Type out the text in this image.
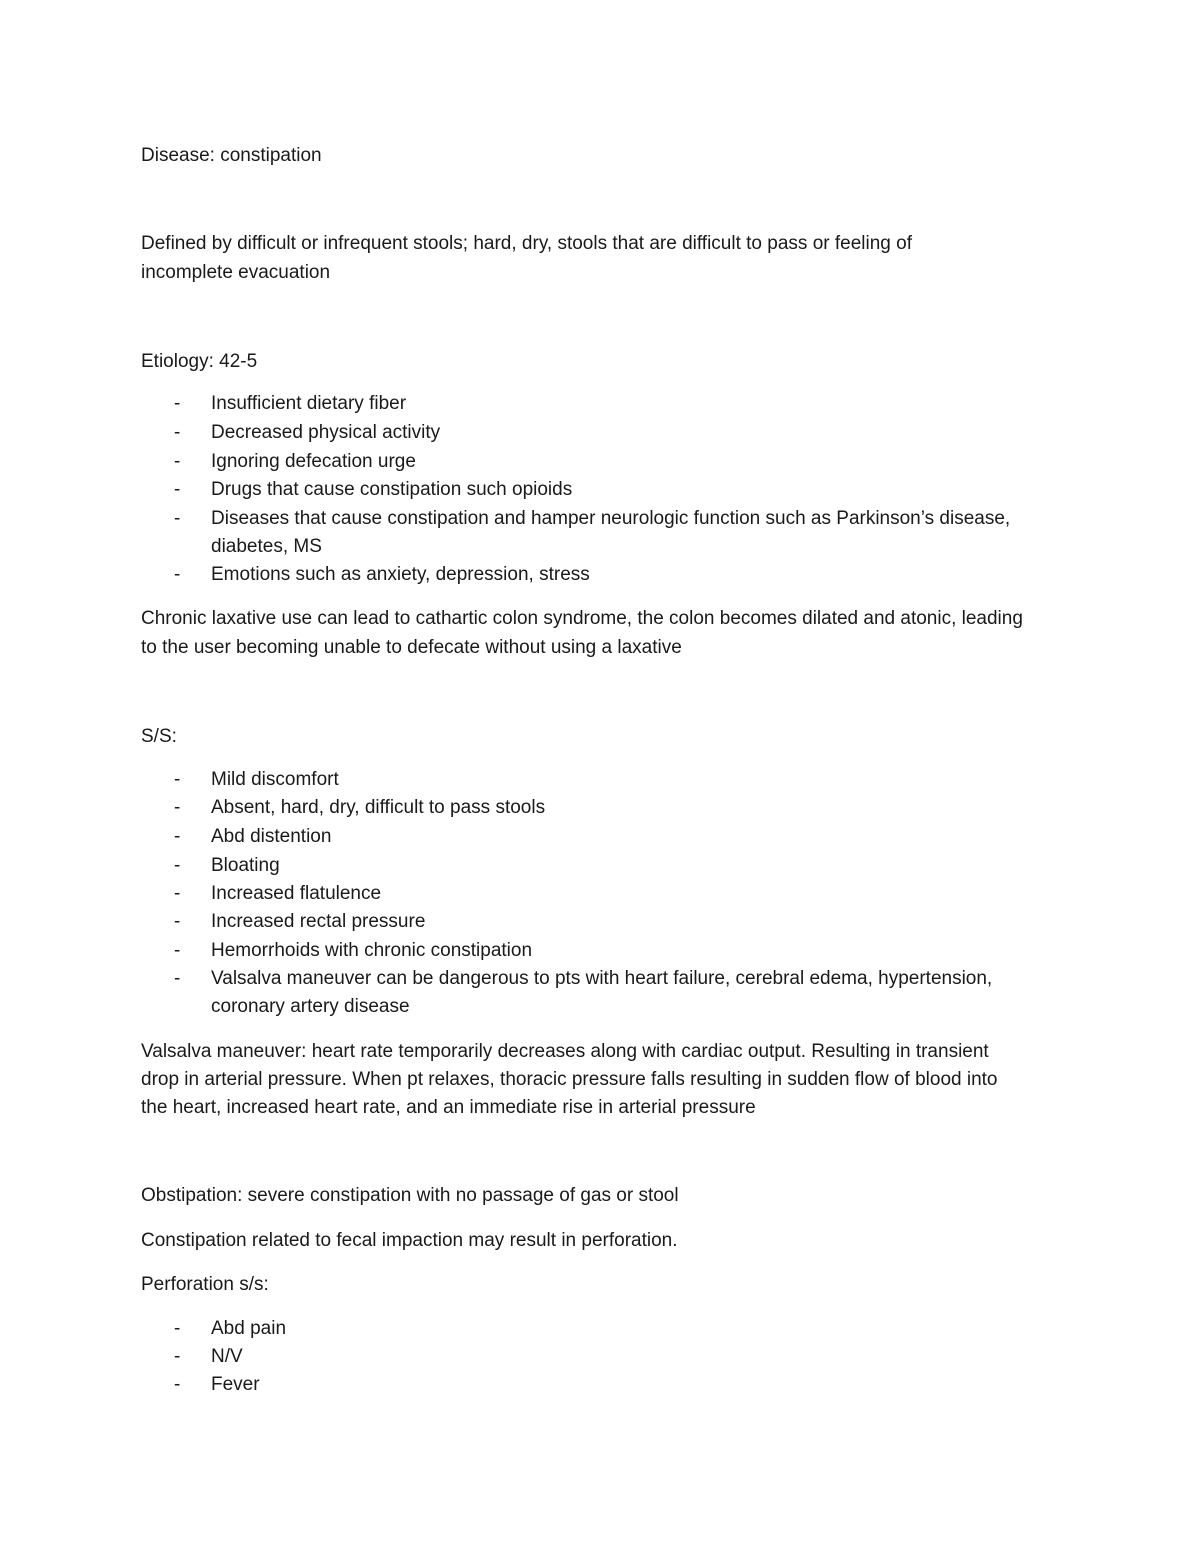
Disease: constipation
Defined by difficult or infrequent stools; hard, dry, stools that are difficult to pass or feeling of
incomplete evacuation
Etiology: 42-5
- Insufficient dietary fiber
- Decreased physical activity
- Ignoring defecation urge
- Drugs that cause constipation such opioids
- Diseases that cause constipation and hamper neurologic function such as Parkinson’s disease,
diabetes, MS
- Emotions such as anxiety, depression, stress
Chronic laxative use can lead to cathartic colon syndrome, the colon becomes dilated and atonic, leading
to the user becoming unable to defecate without using a laxative
S/S:
- Mild discomfort
- Absent, hard, dry, difficult to pass stools
- Abd distention
- Bloating
- Increased flatulence
- Increased rectal pressure
- Hemorrhoids with chronic constipation
- Valsalva maneuver can be dangerous to pts with heart failure, cerebral edema, hypertension,
coronary artery disease
Valsalva maneuver: heart rate temporarily decreases along with cardiac output. Resulting in transient
drop in arterial pressure. When pt relaxes, thoracic pressure falls resulting in sudden flow of blood into
the heart, increased heart rate, and an immediate rise in arterial pressure
Obstipation: severe constipation with no passage of gas or stool
Constipation related to fecal impaction may result in perforation.
Perforation s/s:
- Abd pain
- N/V
- Fever
